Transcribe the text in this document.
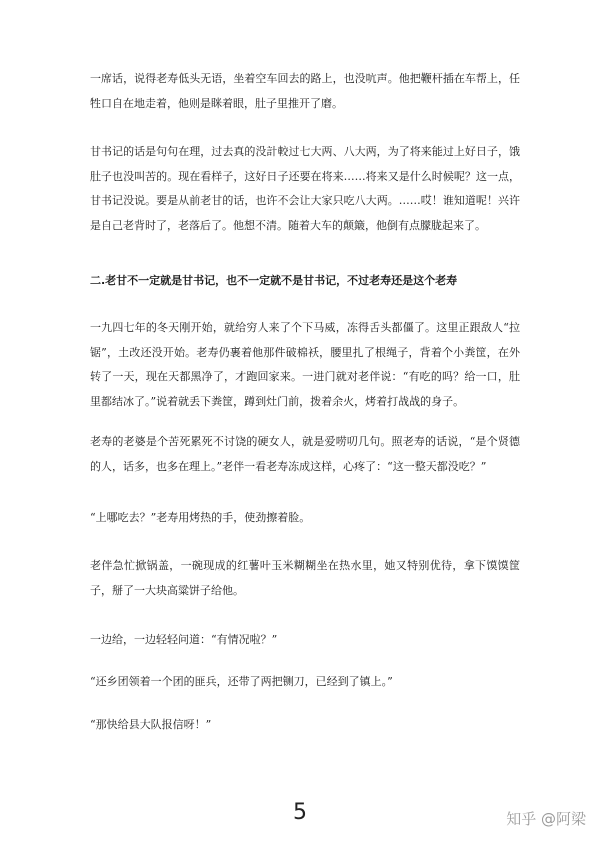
一席话，说得老寿低头无语，坐着空车回去的路上，也没吭声。他把鞭杆插在车帮上，任牲口自在地走着，他则是眯着眼，肚子里推开了磨。

甘书记的话是句句在理，过去真的没計較过七大两、八大两，为了将来能过上好日子，饿肚子也没叫苦的。现在看样子，这好日子还要在将来……将来又是什么时候呢？这一点，甘书记没说。要是从前老甘的话，也许不会让大家只吃八大两。……哎！谁知道呢！兴许是自己老背时了，老落后了。他想不清。随着大车的颠簸，他倒有点朦胧起来了。

二.老甘不一定就是甘书记，也不一定就不是甘书记，不过老寿还是这个老寿

一九四七年的冬天刚开始，就给穷人来了个下马威，冻得舌头都僵了。这里正跟敌人“拉锯”，土改还没开始。老寿仍裹着他那件破棉袄，腰里扎了根绳子，背着个小粪筐，在外转了一天，现在天都黑净了，才跑回家来。一进门就对老伴说：“有吃的吗？给一口，肚里都结冰了。”说着就丢下粪筐，蹲到灶门前，拨着余火，烤着打战战的身子。

老寿的老婆是个苦死累死不讨饶的硬女人，就是爱唠叨几句。照老寿的话说，“是个贤德的人，话多，也多在理上。”老伴一看老寿冻成这样，心疼了：“这一整天都没吃？”

“上哪吃去？”老寿用烤热的手，使劲擦着脸。

老伴急忙掀锅盖，一碗现成的红薯叶玉米糊糊坐在热水里，她又特别优待，拿下馍馍筐子，掰了一大块高粱饼子给他。

一边给，一边轻轻问道：“有情况啦？”

“还乡团领着一个团的匪兵，还带了两把铡刀，已经到了镇上。”

“那快给县大队报信呀！”

5	知乎 @阿梁
